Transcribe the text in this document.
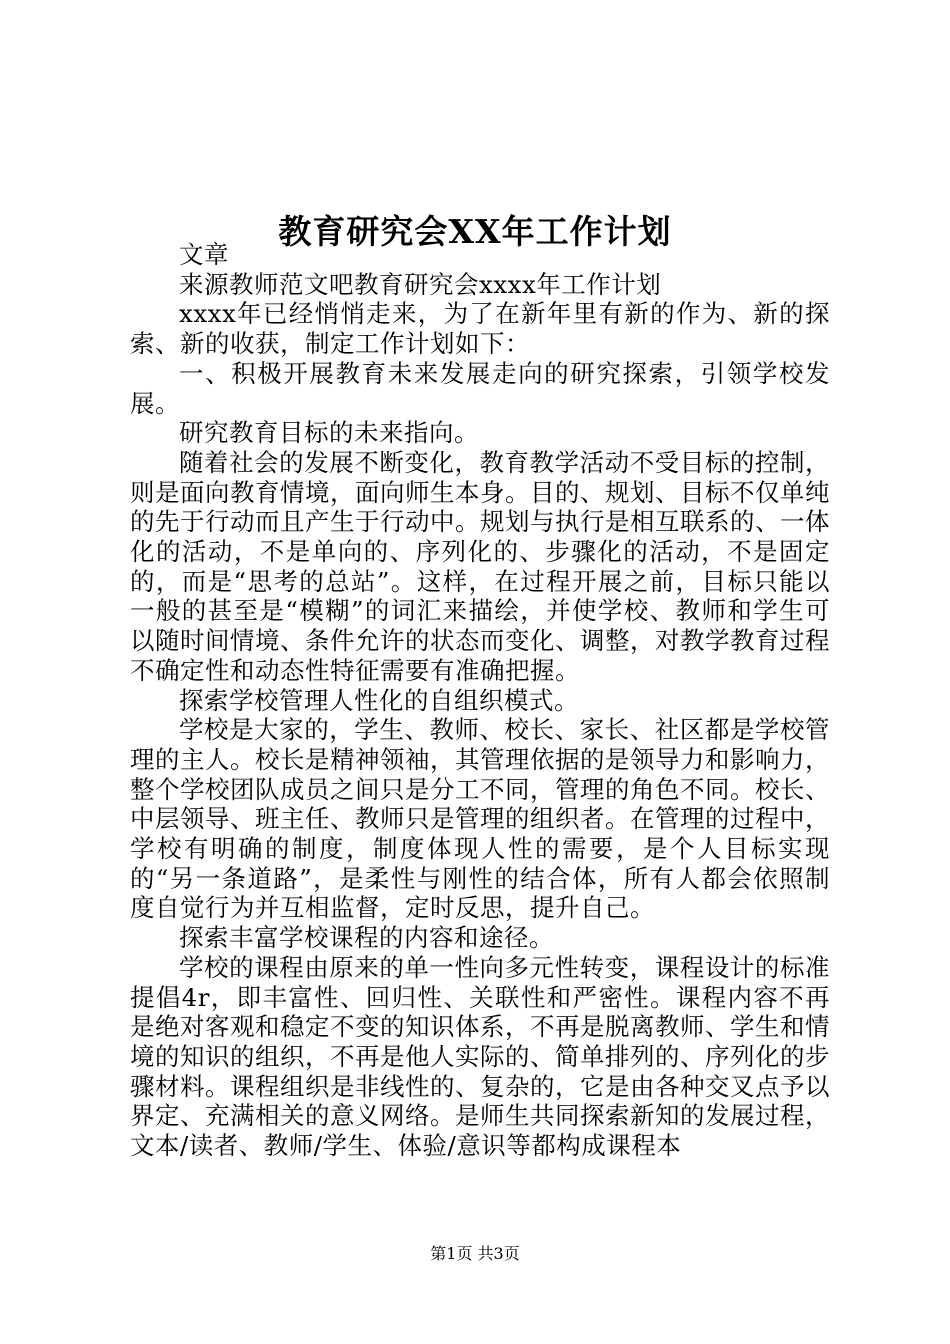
教育研究会XX年工作计划

文章

来源教师范文吧教育研究会xxxx年工作计划

xxxx年已经悄悄走来，为了在新年里有新的作为、新的探索、新的收获，制定工作计划如下：

一、积极开展教育未来发展走向的研究探索，引领学校发展。

研究教育目标的未来指向。

随着社会的发展不断变化，教育教学活动不受目标的控制，则是面向教育情境，面向师生本身。目的、规划、目标不仅单纯的先于行动而且产生于行动中。规划与执行是相互联系的、一体化的活动，不是单向的、序列化的、步骤化的活动，不是固定的，而是“思考的总站”。这样，在过程开展之前，目标只能以一般的甚至是“模糊”的词汇来描绘，并使学校、教师和学生可以随时间情境、条件允许的状态而变化、调整，对教学教育过程不确定性和动态性特征需要有准确把握。

探索学校管理人性化的自组织模式。

学校是大家的，学生、教师、校长、家长、社区都是学校管理的主人。校长是精神领袖，其管理依据的是领导力和影响力，整个学校团队成员之间只是分工不同，管理的角色不同。校长、中层领导、班主任、教师只是管理的组织者。在管理的过程中，学校有明确的制度，制度体现人性的需要，是个人目标实现的“另一条道路”，是柔性与刚性的结合体，所有人都会依照制度自觉行为并互相监督，定时反思，提升自己。

探索丰富学校课程的内容和途径。

学校的课程由原来的单一性向多元性转变，课程设计的标准提倡4r，即丰富性、回归性、关联性和严密性。课程内容不再是绝对客观和稳定不变的知识体系，不再是脱离教师、学生和情境的知识的组织，不再是他人实际的、简单排列的、序列化的步骤材料。课程组织是非线性的、复杂的，它是由各种交叉点予以界定、充满相关的意义网络。是师生共同探索新知的发展过程，文本/读者、教师/学生、体验/意识等都构成课程本

第1页 共3页
